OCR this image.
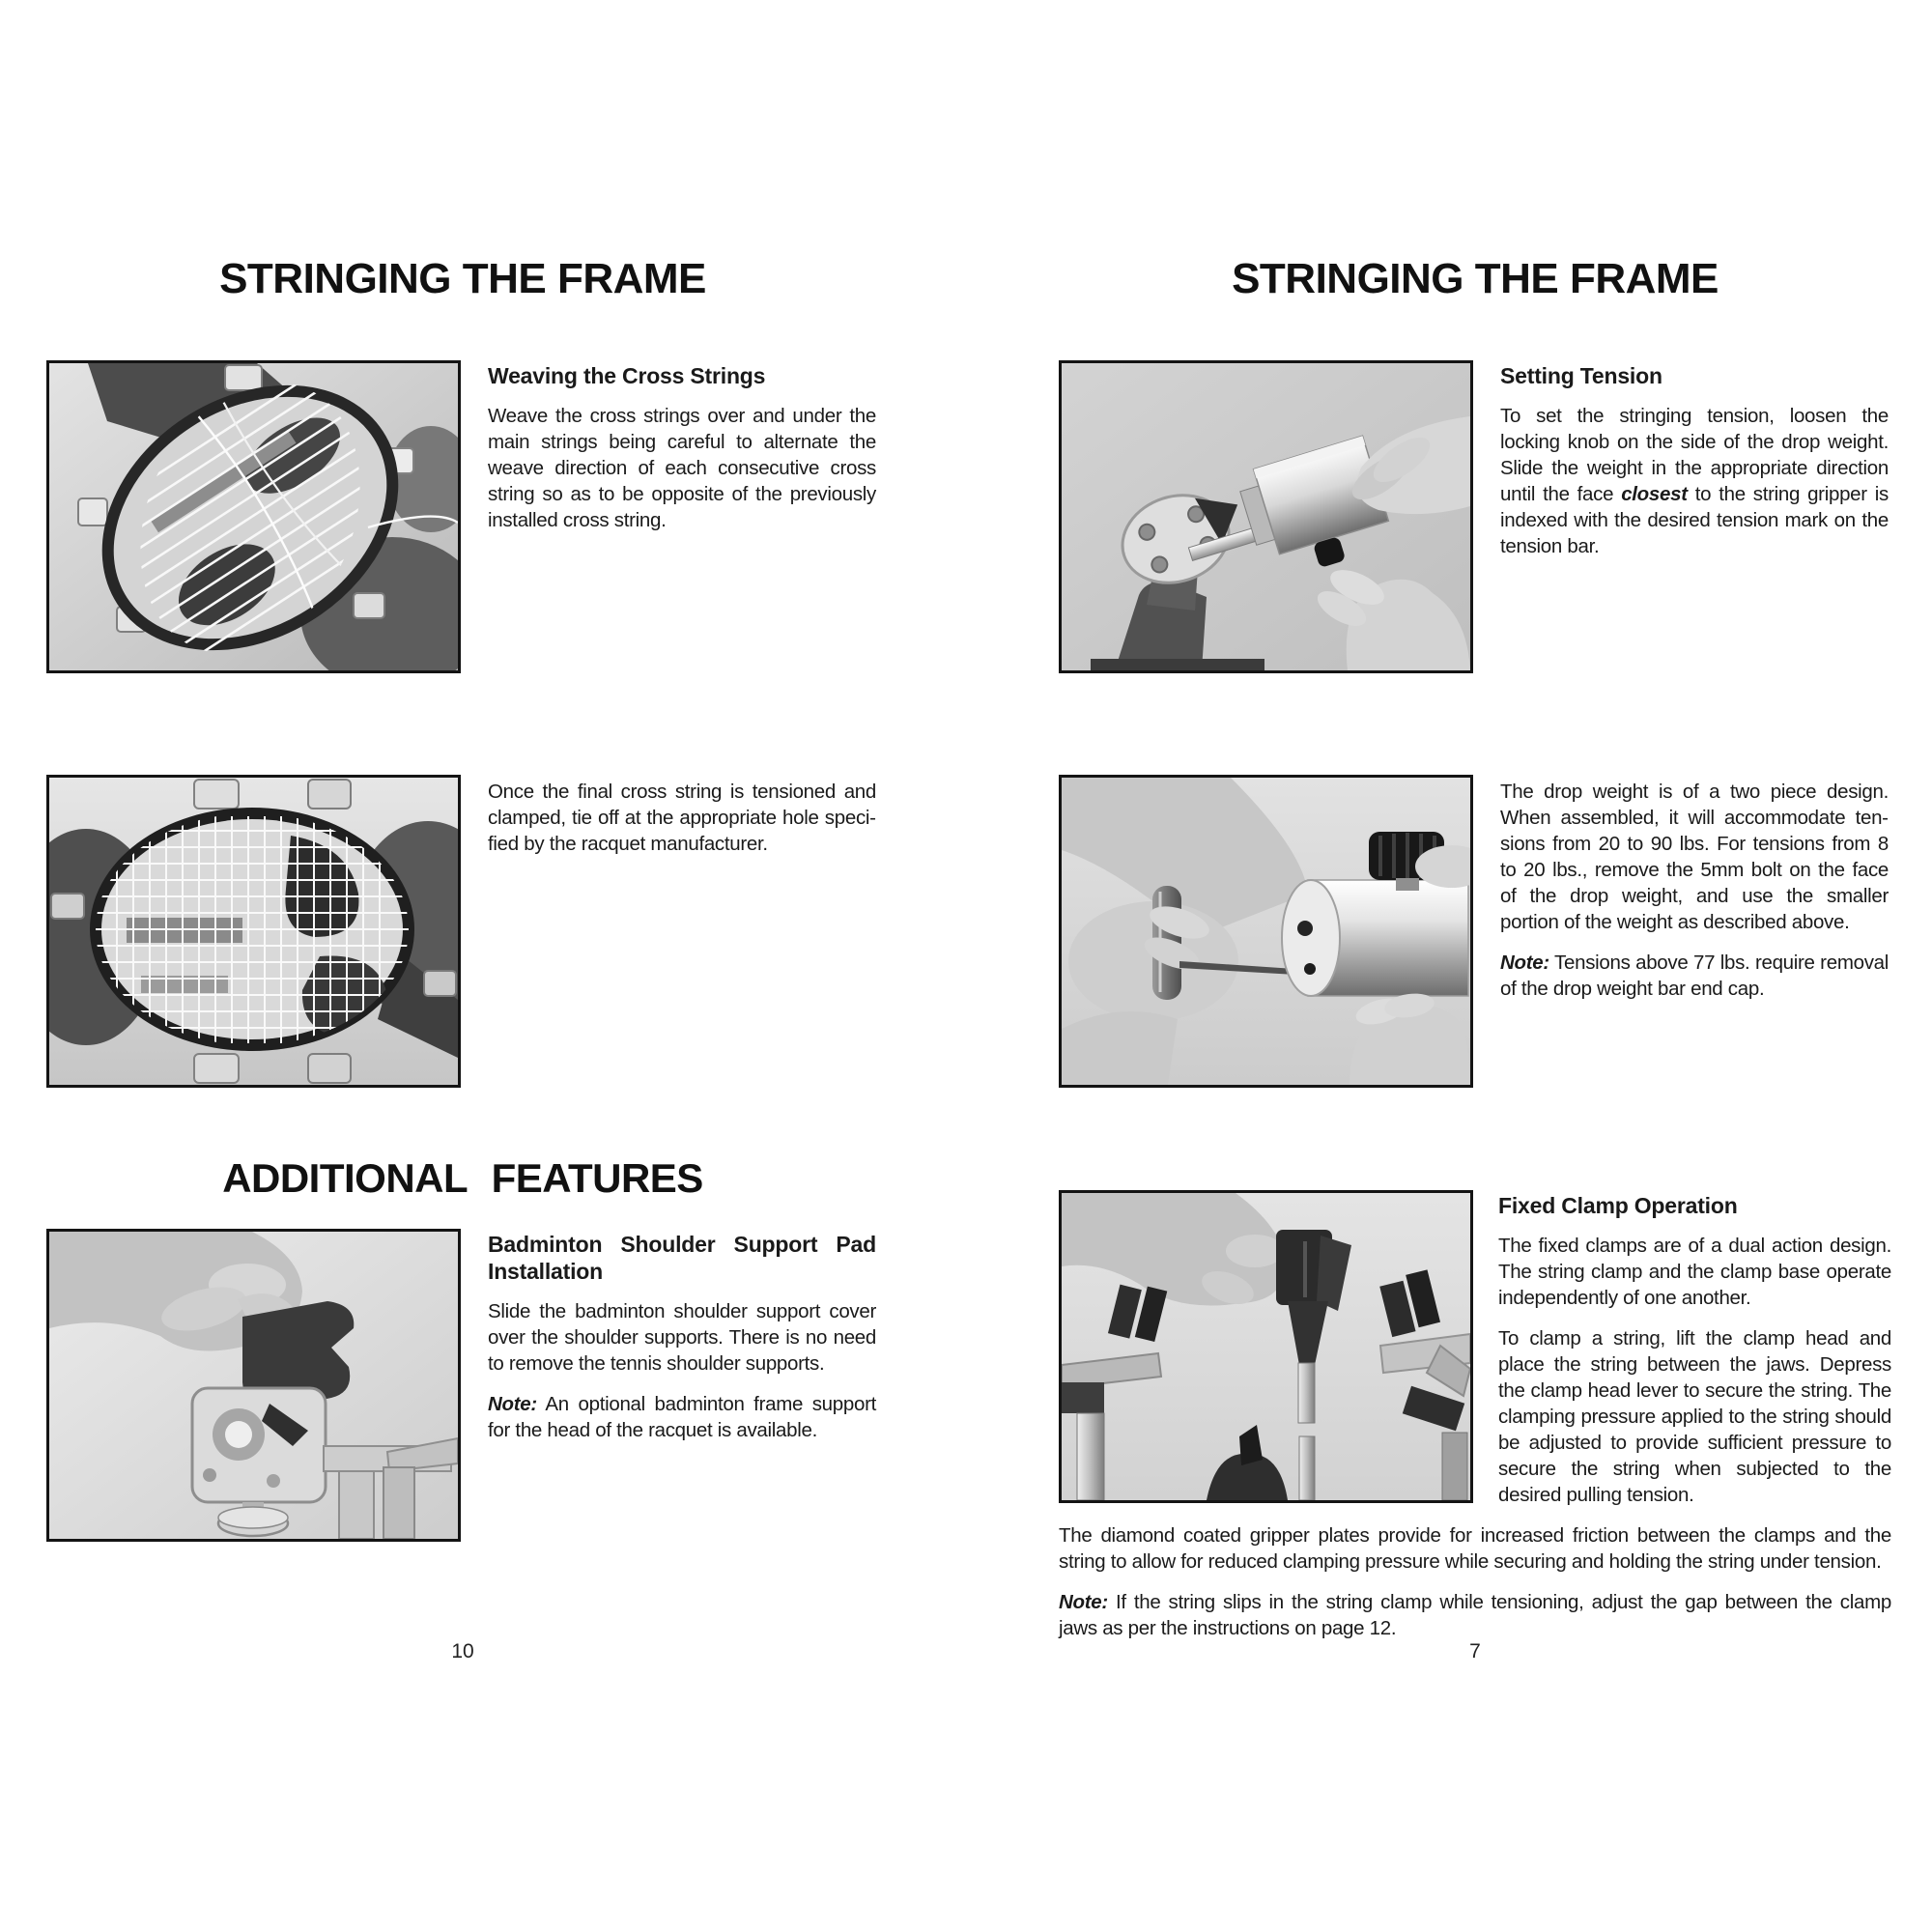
STRINGING THE FRAME
Weaving the Cross Strings

Weave the cross strings over and under the main strings being careful to alternate the weave direction of each consecutive cross string so as to be opposite of the previously installed cross string.

Once the final cross string is tensioned and clamped, tie off at the appropriate hole specified by the racquet manufacturer.

ADDITIONAL FEATURES
Badminton Shoulder Support Pad Installation

Slide the badminton shoulder support cover over the shoulder supports. There is no need to remove the tennis shoulder supports.

Note: An optional badminton frame support for the head of the racquet is available.

10
STRINGING THE FRAME
Setting Tension

To set the stringing tension, loosen the locking knob on the side of the drop weight. Slide the weight in the appropriate direction until the face closest to the string gripper is indexed with the desired tension mark on the tension bar.

The drop weight is of a two piece design. When assembled, it will accommodate tensions from 20 to 90 lbs. For tensions from 8 to 20 lbs., remove the 5mm bolt on the face of the drop weight, and use the smaller portion of the weight as described above.

Note: Tensions above 77 lbs. require removal of the drop weight bar end cap.

Fixed Clamp Operation

The fixed clamps are of a dual action design. The string clamp and the clamp base operate independently of one another.

To clamp a string, lift the clamp head and place the string between the jaws. Depress the clamp head lever to secure the string. The clamping pressure applied to the string should be adjusted to provide sufficient pressure to secure the string when subjected to the desired pulling tension.

The diamond coated gripper plates provide for increased friction between the clamps and the string to allow for reduced clamping pressure while securing and holding the string under tension.

Note: If the string slips in the string clamp while tensioning, adjust the gap between the clamp jaws as per the instructions on page 12.

7
